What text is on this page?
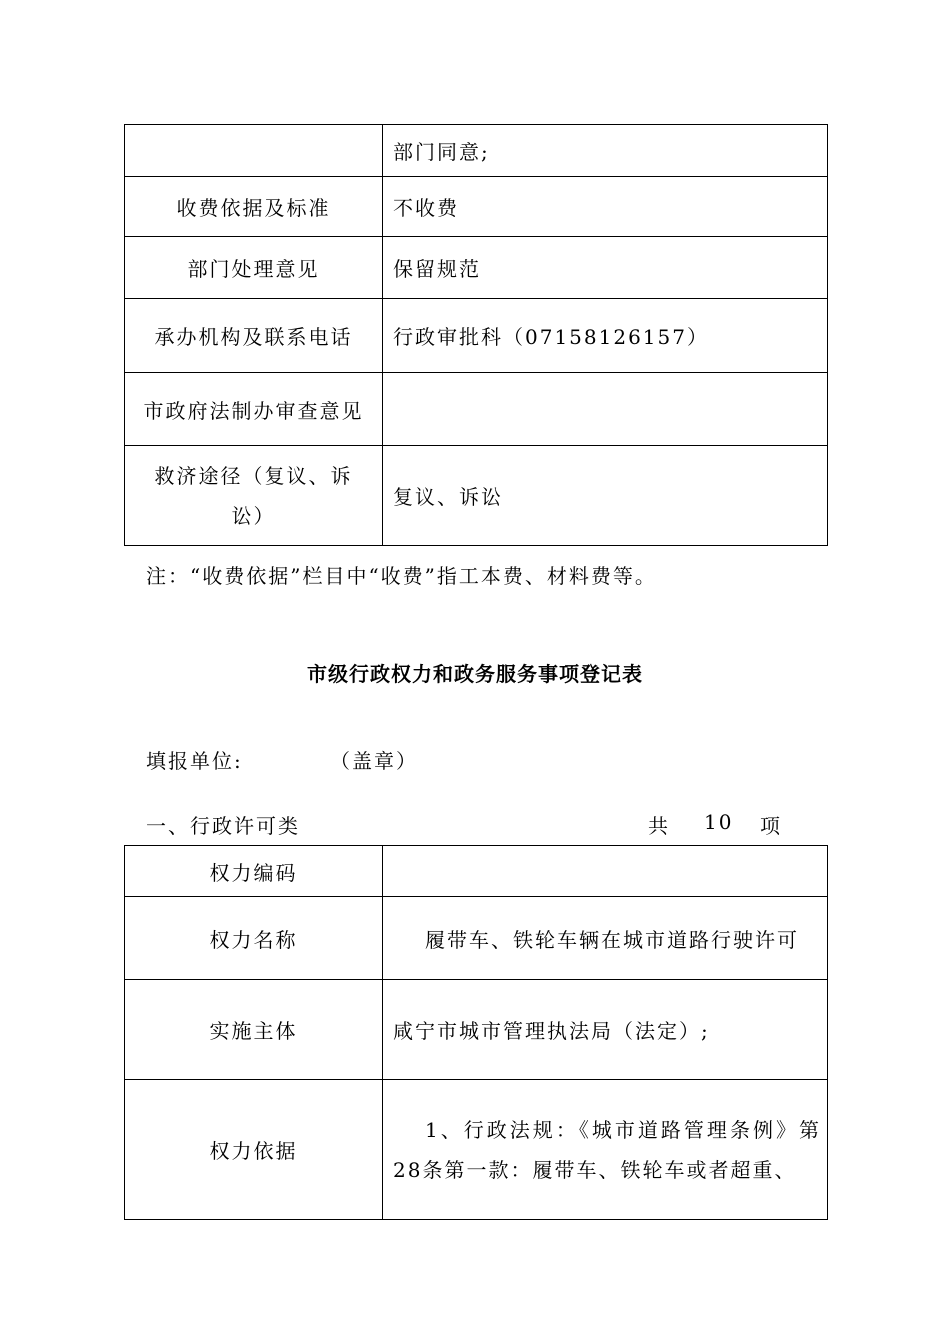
	部门同意;
收费依据及标准	不收费
部门处理意见	保留规范
承办机构及联系电话	行政审批科（07158126157）
市政府法制办审查意见	

救济途径（复议、诉
讼）	复议、诉讼
注：“收费依据”栏目中“收费”指工本费、材料费等。
市级行政权力和政务服务事项登记表
填报单位:	（盖章）
一、行政许可类	共 10 项
权力编码	
权力名称	履带车、铁轮车辆在城市道路行驶许可
实施主体	咸宁市城市管理执法局（法定）;
权力依据	1、行政法规：《城市道路管理条例》第28条第一款：履带车、铁轮车或者超重、
